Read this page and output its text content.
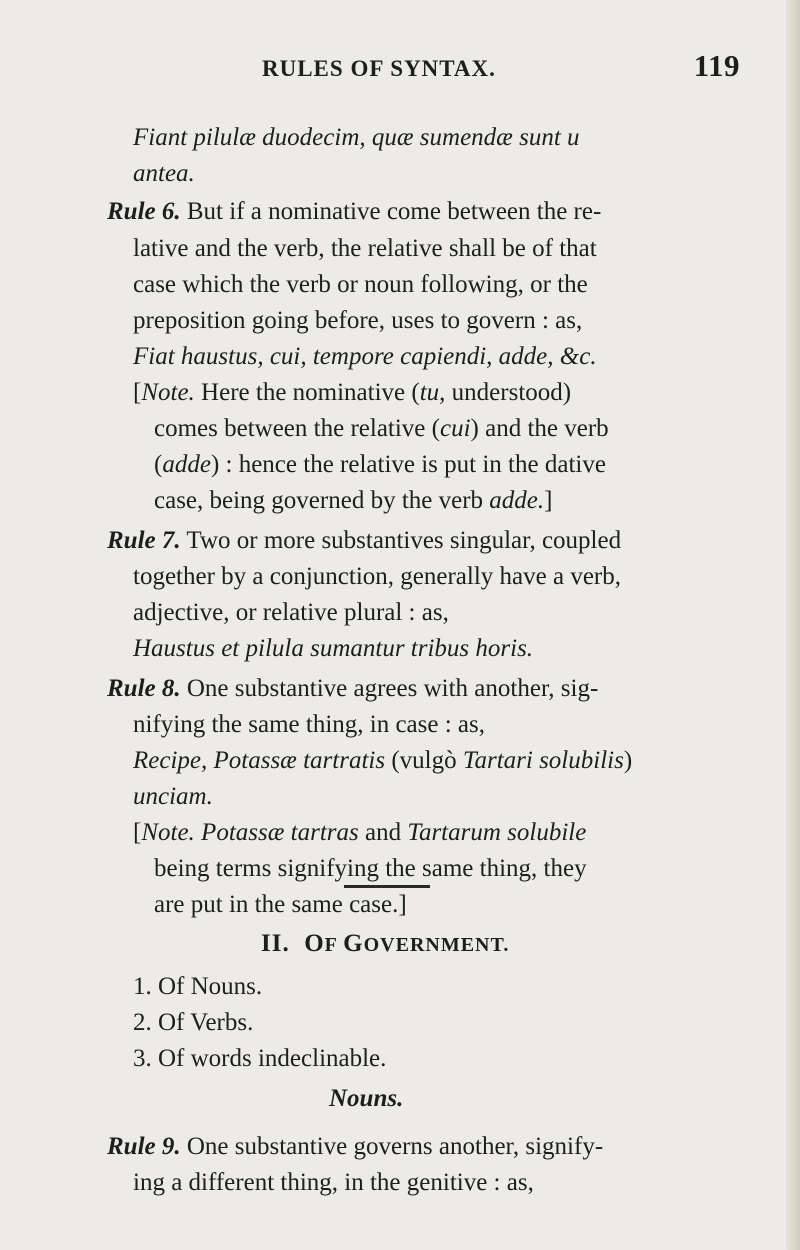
RULES OF SYNTAX.	119
Fiant pilulæ duodecim, quæ sumendæ sunt u
antea.
Rule 6. But if a nominative come between the re-
lative and the verb, the relative shall be of that
case which the verb or noun following, or the
preposition going before, uses to govern : as,
Fiat haustus, cui, tempore capiendi, adde, &c.
[Note. Here the nominative (tu, understood)
comes between the relative (cui) and the verb
(adde) : hence the relative is put in the dative
case, being governed by the verb adde.]
Rule 7. Two or more substantives singular, coupled
together by a conjunction, generally have a verb,
adjective, or relative plural : as,
Haustus et pilula sumantur tribus horis.
Rule 8. One substantive agrees with another, sig-
nifying the same thing, in case : as,
Recipe, Potassæ tartratis (vulgò Tartari solubilis)
unciam.
[Note. Potassæ tartras and Tartarum solubile
being terms signifying the same thing, they
are put in the same case.]
II. OF GOVERNMENT.
1. Of Nouns.
2. Of Verbs.
3. Of words indeclinable.
Nouns.
Rule 9. One substantive governs another, signify-
ing a different thing, in the genitive : as,
